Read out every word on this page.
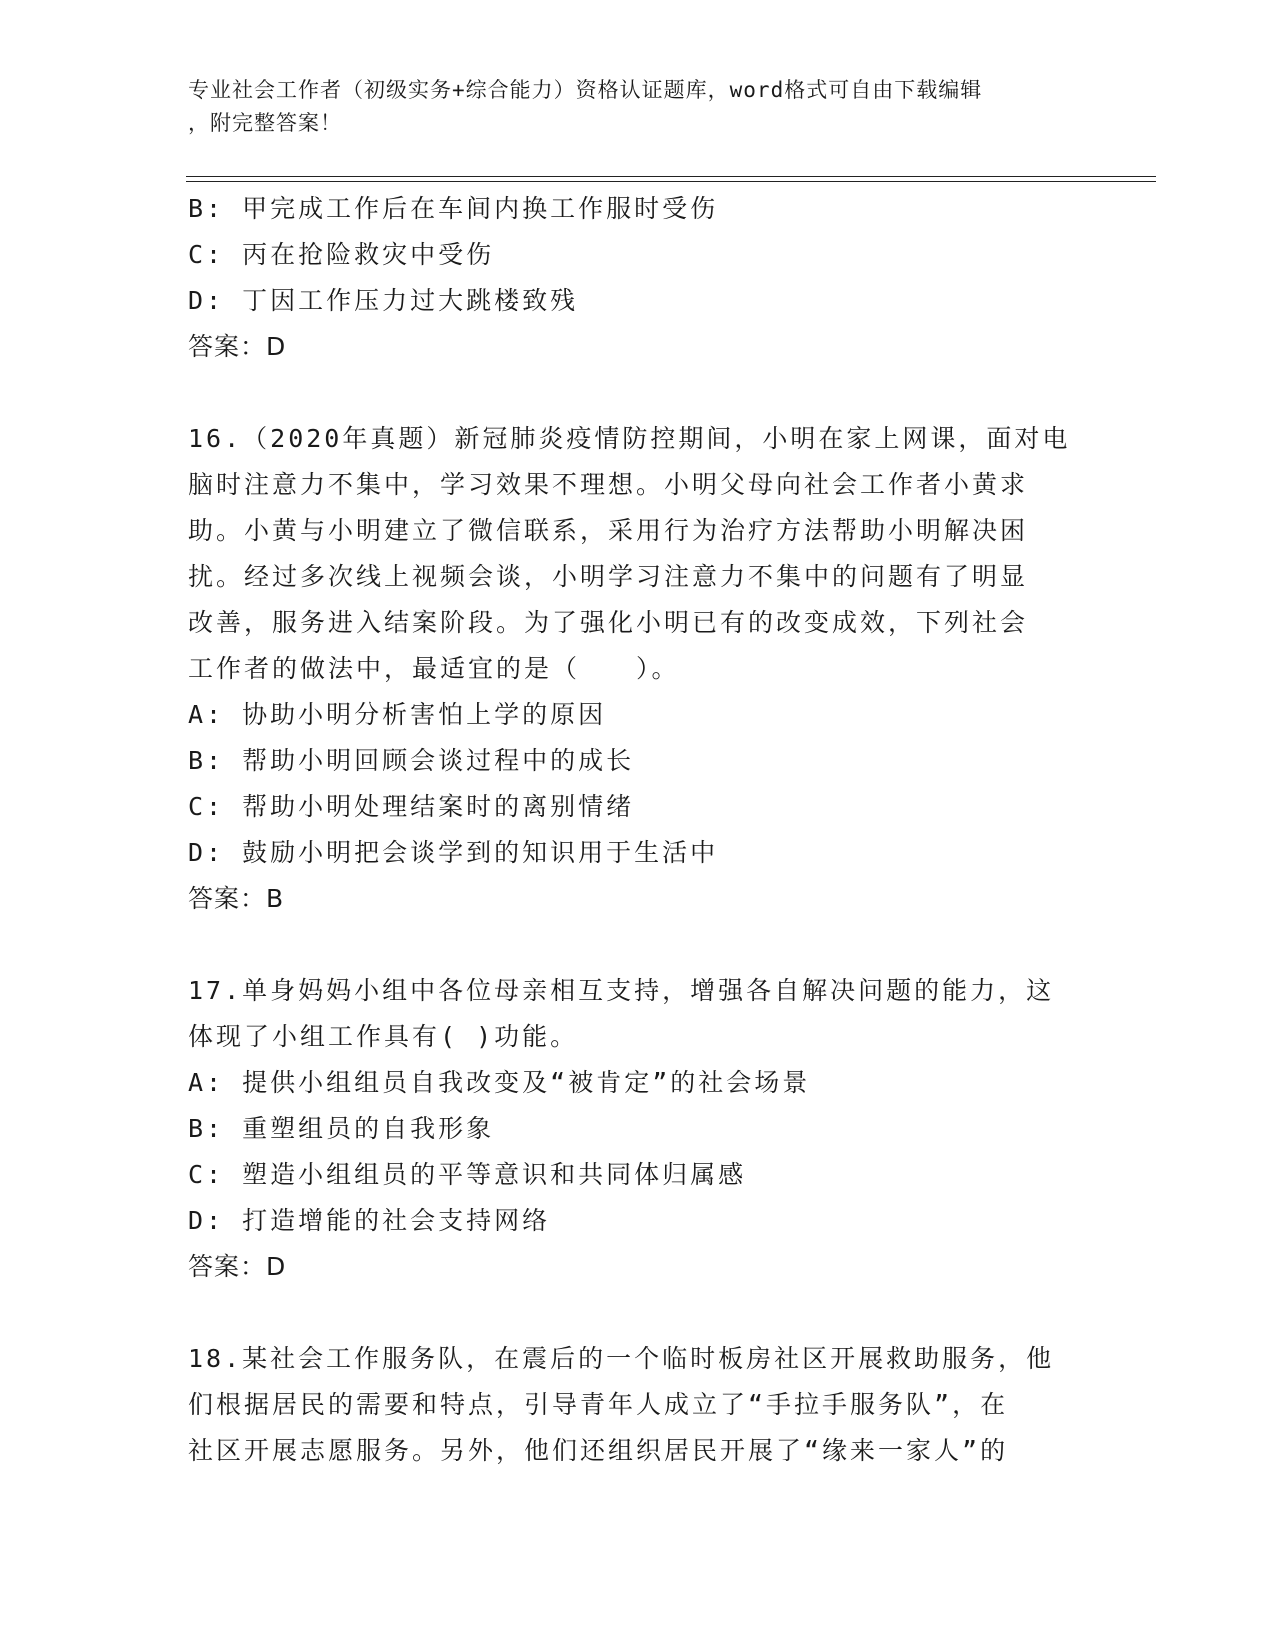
专业社会工作者（初级实务+综合能力）资格认证题库，word格式可自由下载编辑
，附完整答案！
B: 甲完成工作后在车间内换工作服时受伤
C: 丙在抢险救灾中受伤
D: 丁因工作压力过大跳楼致残
答案：D
16.（2020年真题）新冠肺炎疫情防控期间，小明在家上网课，面对电
脑时注意力不集中，学习效果不理想。小明父母向社会工作者小黄求
助。小黄与小明建立了微信联系，采用行为治疗方法帮助小明解决困
扰。经过多次线上视频会谈，小明学习注意力不集中的问题有了明显
改善，服务进入结案阶段。为了强化小明已有的改变成效，下列社会
工作者的做法中，最适宜的是（　　）。
A: 协助小明分析害怕上学的原因
B: 帮助小明回顾会谈过程中的成长
C: 帮助小明处理结案时的离别情绪
D: 鼓励小明把会谈学到的知识用于生活中
答案：B
17.单身妈妈小组中各位母亲相互支持，增强各自解决问题的能力，这
体现了小组工作具有( )功能。
A: 提供小组组员自我改变及“被肯定”的社会场景
B: 重塑组员的自我形象
C: 塑造小组组员的平等意识和共同体归属感
D: 打造增能的社会支持网络
答案：D
18.某社会工作服务队，在震后的一个临时板房社区开展救助服务，他
们根据居民的需要和特点，引导青年人成立了“手拉手服务队”，在
社区开展志愿服务。另外，他们还组织居民开展了“缘来一家人”的
